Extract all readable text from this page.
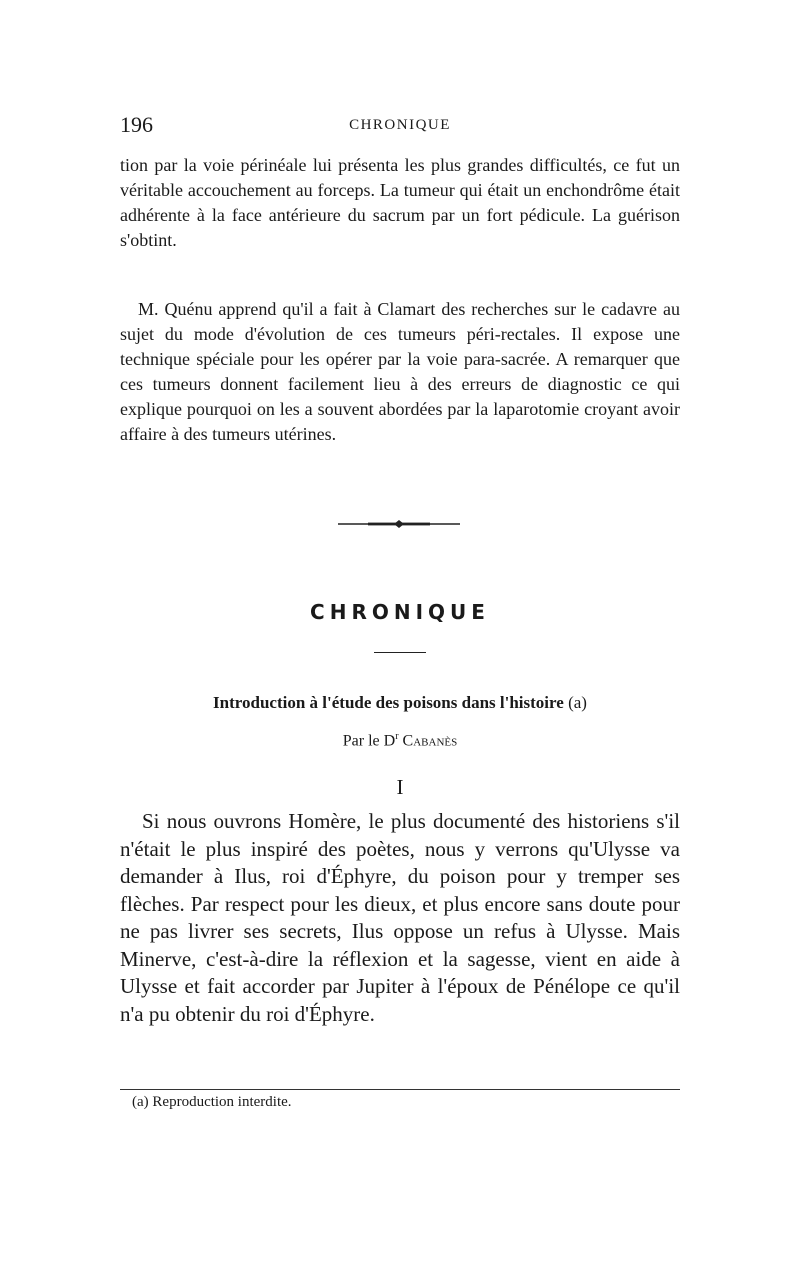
196	CHRONIQUE

tion par la voie périnéale lui présenta les plus grandes difficultés, ce fut un véritable accouchement au forceps. La tumeur qui était un enchondrôme était adhérente à la face antérieure du sacrum par un fort pédicule. La guérison s'obtint.

M. Quénu apprend qu'il a fait à Clamart des recherches sur le cadavre au sujet du mode d'évolution de ces tumeurs péri-rectales. Il expose une technique spéciale pour les opérer par la voie para-sacrée. A remarquer que ces tumeurs donnent facilement lieu à des erreurs de diagnostic ce qui explique pourquoi on les a souvent abordées par la laparotomie croyant avoir affaire à des tumeurs utérines.

CHRONIQUE
Introduction à l'étude des poisons dans l'histoire (a)
Par le $D^r$ Cabanès
I

Si nous ouvrons Homère, le plus documenté des historiens s'il n'était le plus inspiré des poètes, nous y verrons qu'Ulysse va demander à Ilus, roi d'Éphyre, du poison pour y tremper ses flèches. Par respect pour les dieux, et plus encore sans doute pour ne pas livrer ses secrets, Ilus oppose un refus à Ulysse. Mais Minerve, c'est-à-dire la réflexion et la sagesse, vient en aide à Ulysse et fait accorder par Jupiter à l'époux de Pénélope ce qu'il n'a pu obtenir du roi d'Éphyre.

(a) Reproduction interdite.
